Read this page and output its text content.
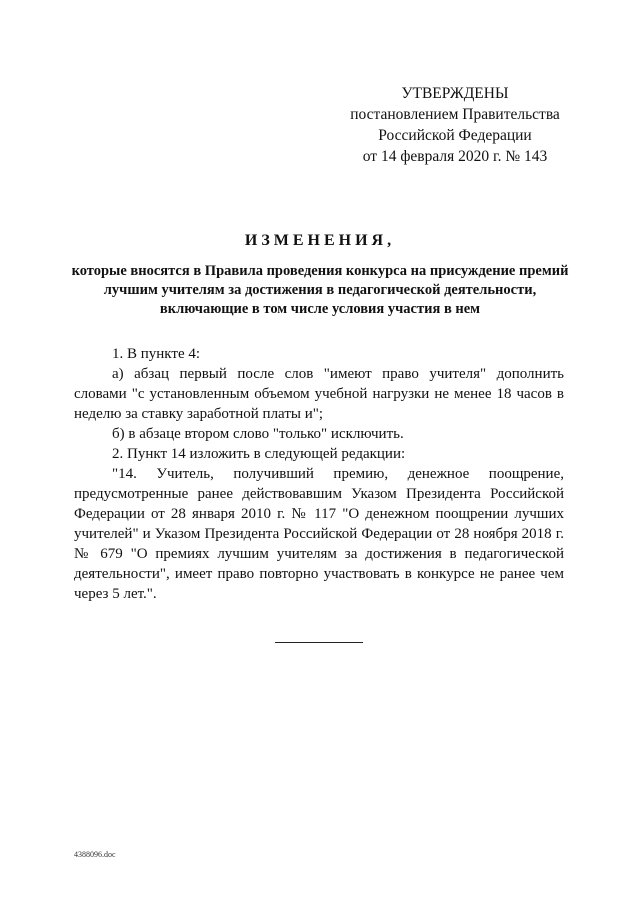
УТВЕРЖДЕНЫ
постановлением Правительства
Российской Федерации
от 14 февраля 2020 г. № 143
ИЗМЕНЕНИЯ,
которые вносятся в Правила проведения конкурса на присуждение премий лучшим учителям за достижения в педагогической деятельности, включающие в том числе условия участия в нем

1. В пункте 4:

а) абзац первый после слов "имеют право учителя" дополнить словами "с установленным объемом учебной нагрузки не менее 18 часов в неделю за ставку заработной платы и";

б) в абзаце втором слово "только" исключить.

2. Пункт 14 изложить в следующей редакции:

"14. Учитель, получивший премию, денежное поощрение, предусмотренные ранее действовавшим Указом Президента Российской Федерации от 28 января 2010 г. № 117 "О денежном поощрении лучших учителей" и Указом Президента Российской Федерации от 28 ноября 2018 г. № 679 "О премиях лучшим учителям за достижения в педагогической деятельности", имеет право повторно участвовать в конкурсе не ранее чем через 5 лет.".

4388096.doc
